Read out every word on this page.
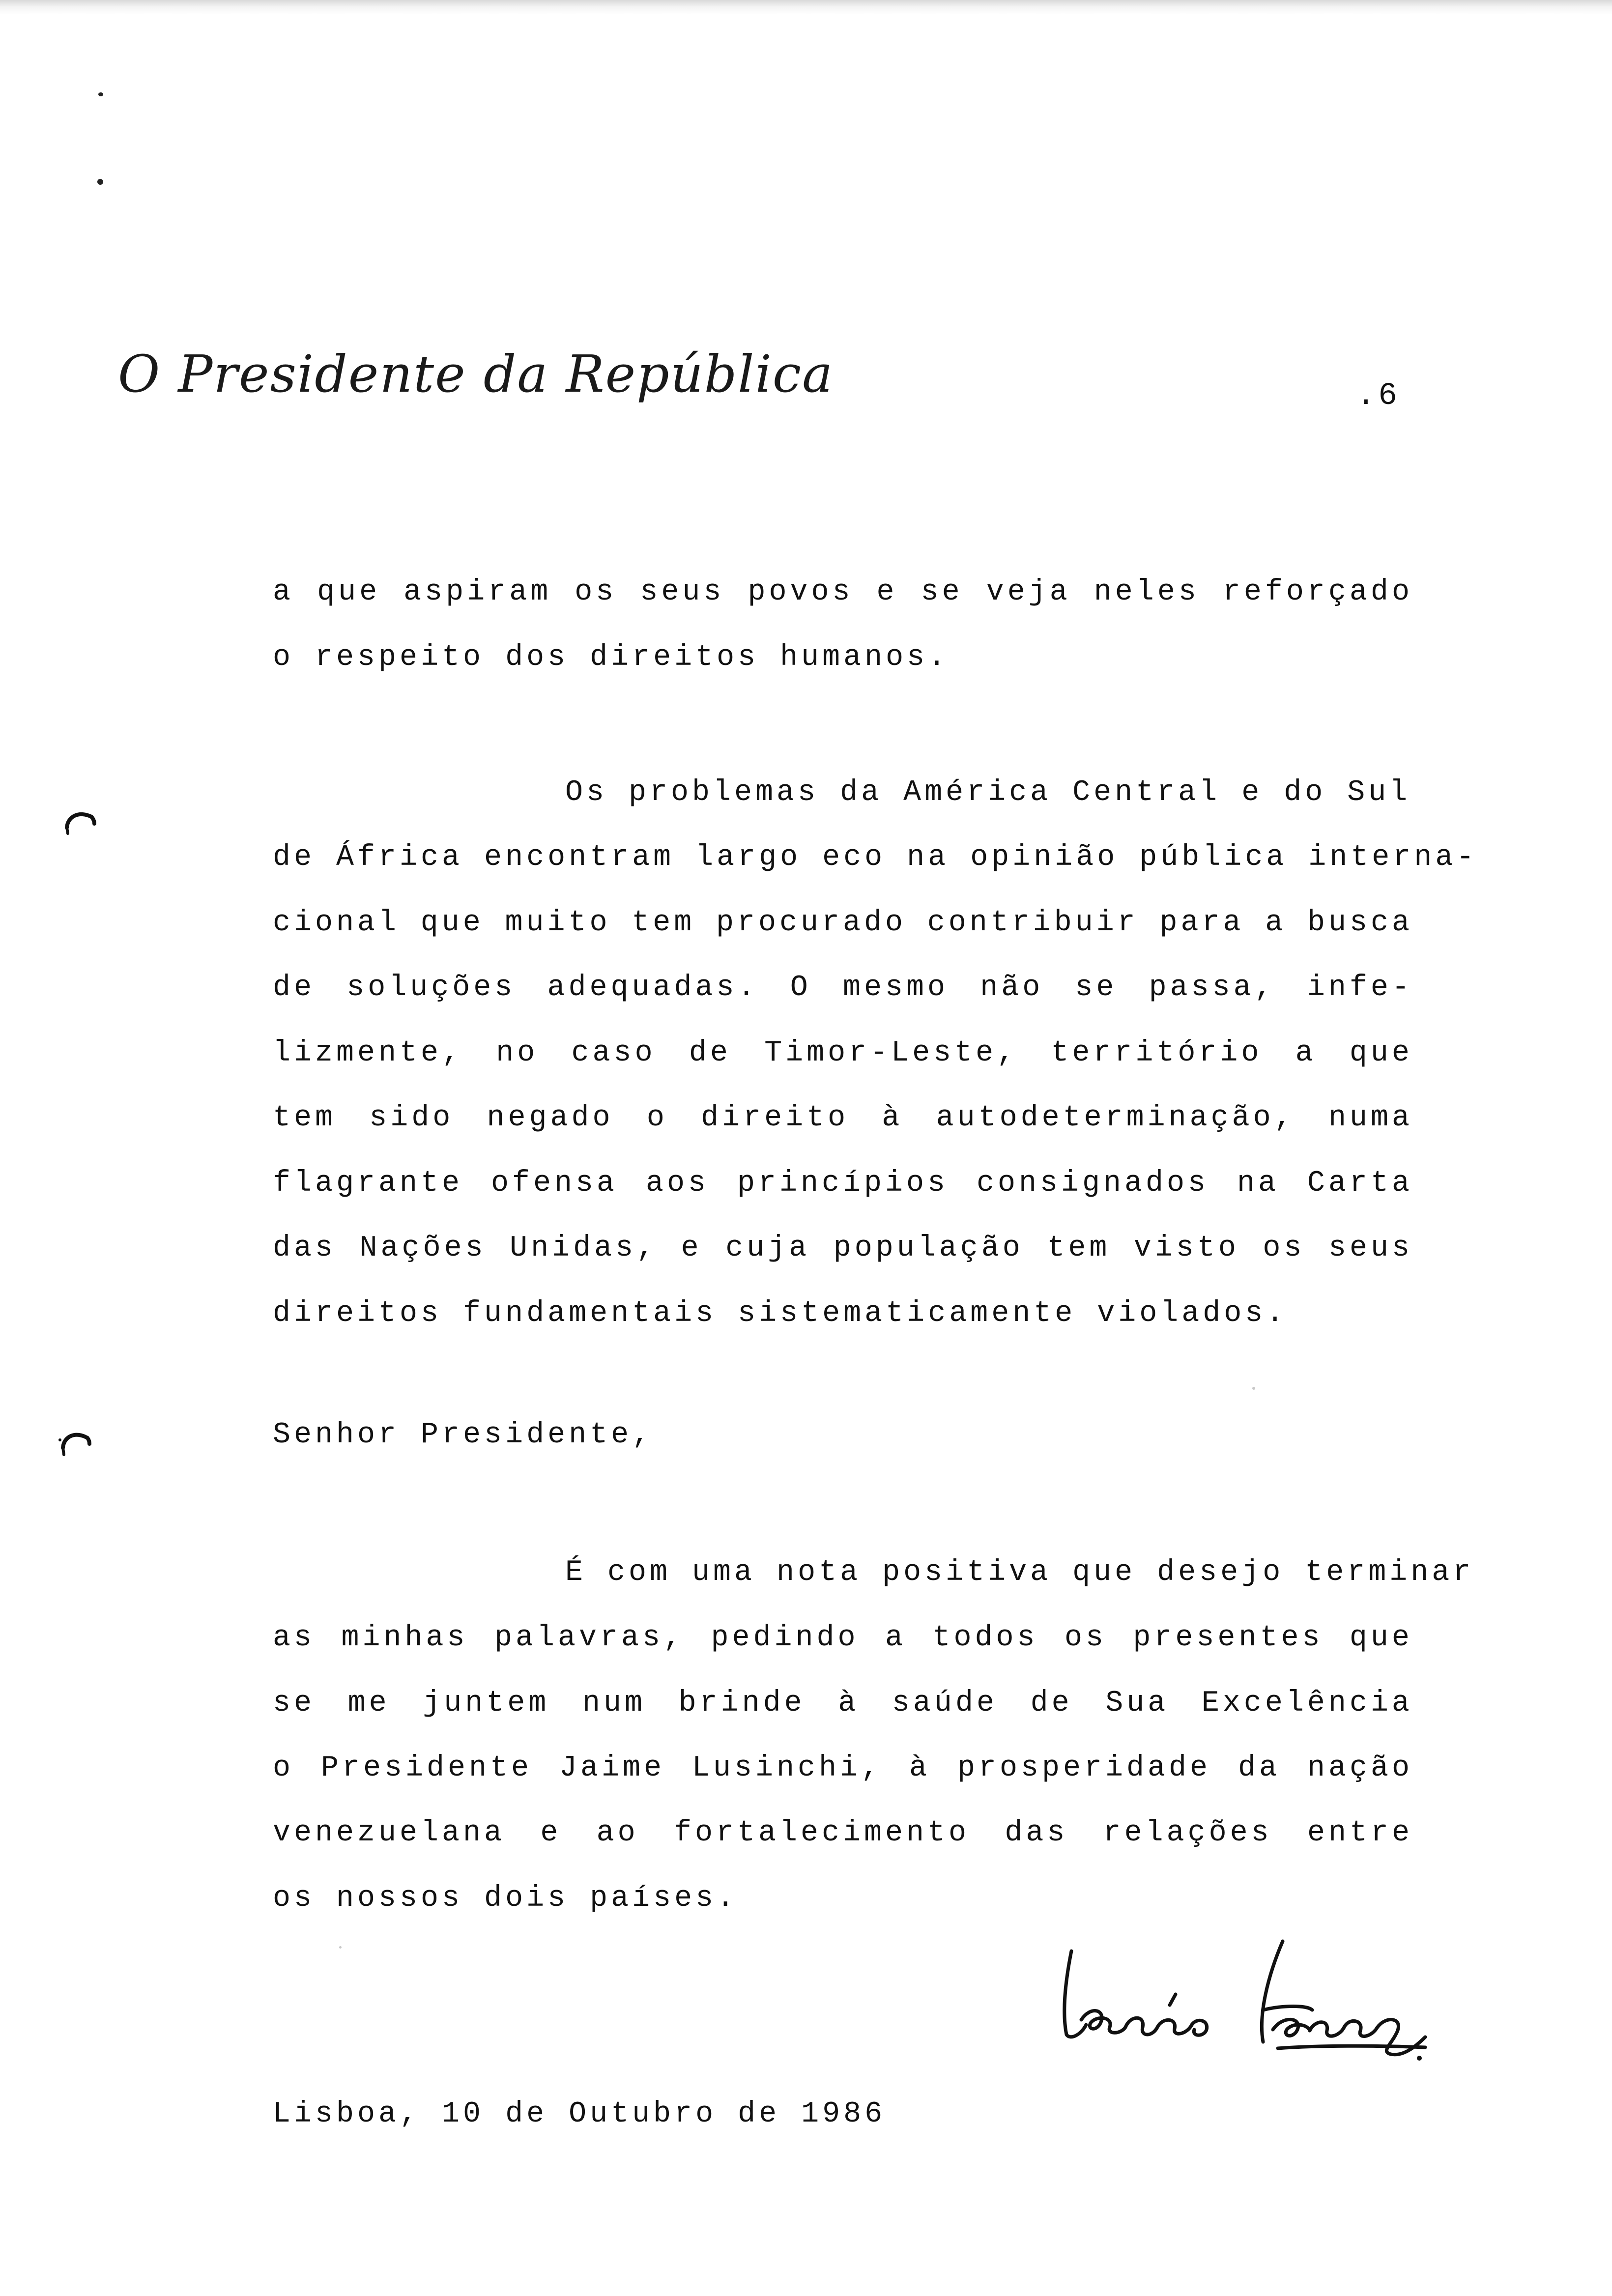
O Presidente da República	.6
a que aspiram os seus povos e se veja neles reforçado
o respeito dos direitos humanos.
Os problemas da América Central e do Sul
de África encontram largo eco na opinião pública interna-
cional que muito tem procurado contribuir para a busca
de soluções adequadas. O mesmo não se passa, infe-
lizmente, no caso de Timor-Leste, território a que
tem sido negado o direito à autodeterminação, numa
flagrante ofensa aos princípios consignados na Carta
das Nações Unidas, e cuja população tem visto os seus
direitos fundamentais sistematicamente violados.
Senhor Presidente,
É com uma nota positiva que desejo terminar
as minhas palavras, pedindo a todos os presentes que
se me juntem num brinde à saúde de Sua Excelência
o Presidente Jaime Lusinchi, à prosperidade da nação
venezuelana e ao fortalecimento das relações entre
os nossos dois países.
Lisboa, 10 de Outubro de 1986
